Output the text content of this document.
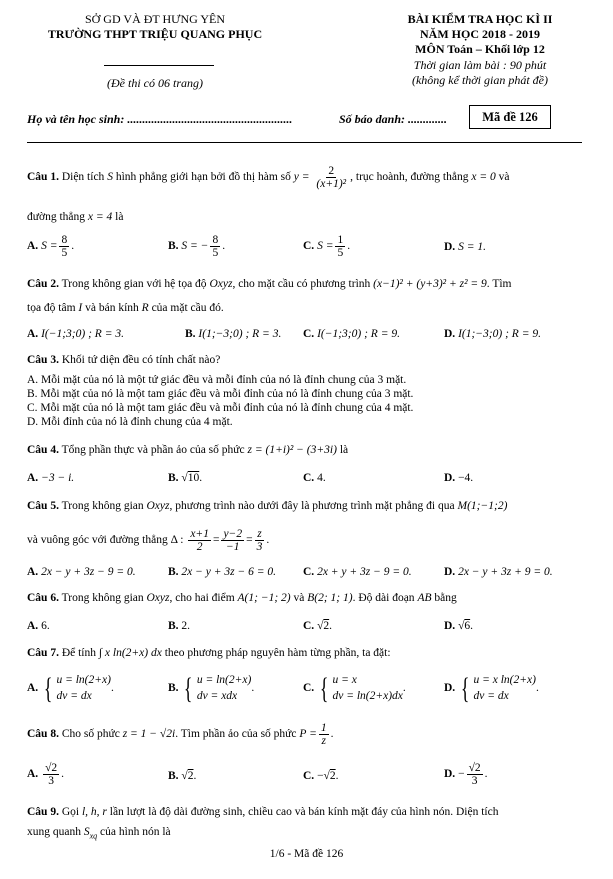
SỞ GD VÀ ĐT HƯNG YÊN
TRƯỜNG THPT TRIỆU QUANG PHỤC
(Đề thi có 06 trang)
BÀI KIỂM TRA HỌC KÌ II
NĂM HỌC 2018 - 2019
MÔN Toán – Khối lớp 12
Thời gian làm bài : 90 phút
(không kể thời gian phát đề)
Họ và tên học sinh: .......................................................	Số báo danh: .............	Mã đề 126
Câu 1. Diện tích S hình phẳng giới hạn bởi đồ thị hàm số $y = \frac{2}{\text{(x+1)²}}$ , trục hoành, đường thẳng x = 0 và
đường thẳng x = 4 là
A. $S = \frac{8}{5}$ .	B. S = − $\frac{8}{5}$ .	C. $S = \frac{1}{5}$ .	D. S = 1.
Câu 2. Trong không gian với hệ tọa độ Oxyz, cho mặt cầu có phương trình (x−1)² + (y+3)² + z² = 9. Tìm
tọa độ tâm I và bán kính R của mặt cầu đó.
A. I(−1;3;0) ; R = 3.	B. I(1;−3;0) ; R = 3. C. I(−1;3;0) ; R = 9.	D. I(1;−3;0) ; R = 9.
Câu 3. Khối tứ diện đều có tính chất nào?
A. Mỗi mặt của nó là một tứ giác đều và mỗi đỉnh của nó là đỉnh chung của 3 mặt.
B. Mỗi mặt của nó là một tam giác đều và mỗi đỉnh của nó là đỉnh chung của 3 mặt.
C. Mỗi mặt của nó là một tam giác đều và mỗi đỉnh của nó là đỉnh chung của 4 mặt.
D. Mỗi đỉnh của nó là đỉnh chung của 4 mặt.
Câu 4. Tổng phần thực và phần ảo của số phức z = (1+i)² − (3+3i) là
A. −3 − i.	B. √10.	C. 4.	D. −4.
Câu 5. Trong không gian Oxyz, phương trình nào dưới đây là phương trình mặt phẳng đi qua M(1;−1;2)
và vuông góc với đường thẳng Δ : $\frac{x+1}{2} = \frac{y-2}{-1} = \frac{z}{3}$ .
A. 2x − y + 3z − 9 = 0.	B. 2x − y + 3z − 6 = 0. C. 2x + y + 3z − 9 = 0.	D. 2x − y + 3z + 9 = 0.
Câu 6. Trong không gian Oxyz, cho hai điểm A(1; −1; 2) và B(2; 1; 1). Độ dài đoạn AB bằng
A. 6.	B. 2.	C. √2.	D. √6.
Câu 7. Để tính ∫ x ln(2+x) dx theo phương pháp nguyên hàm từng phần, ta đặt:
A. { u = ln(2+x)
dv = dx
.	B. { u = ln(2+x)
dv = xdx
.	C. { u = x
dv = ln(2+x)dx
.	D. { u = x ln(2+x)
dv = dx
.
Câu 8. Cho số phức z = 1 − √2i. Tìm phần ảo của số phức $P = \frac{1}{z}$ .
A. $\frac{√2}{3}$ .	B. √2.	C. −√2.	D. − $\frac{√2}{3}$ .
Câu 9. Gọi l, h, r lần lượt là độ dài đường sinh, chiều cao và bán kính mặt đáy của hình nón. Diện tích
xung quanh $S_{xq}$ của hình nón là
1/6 - Mã đề 126
